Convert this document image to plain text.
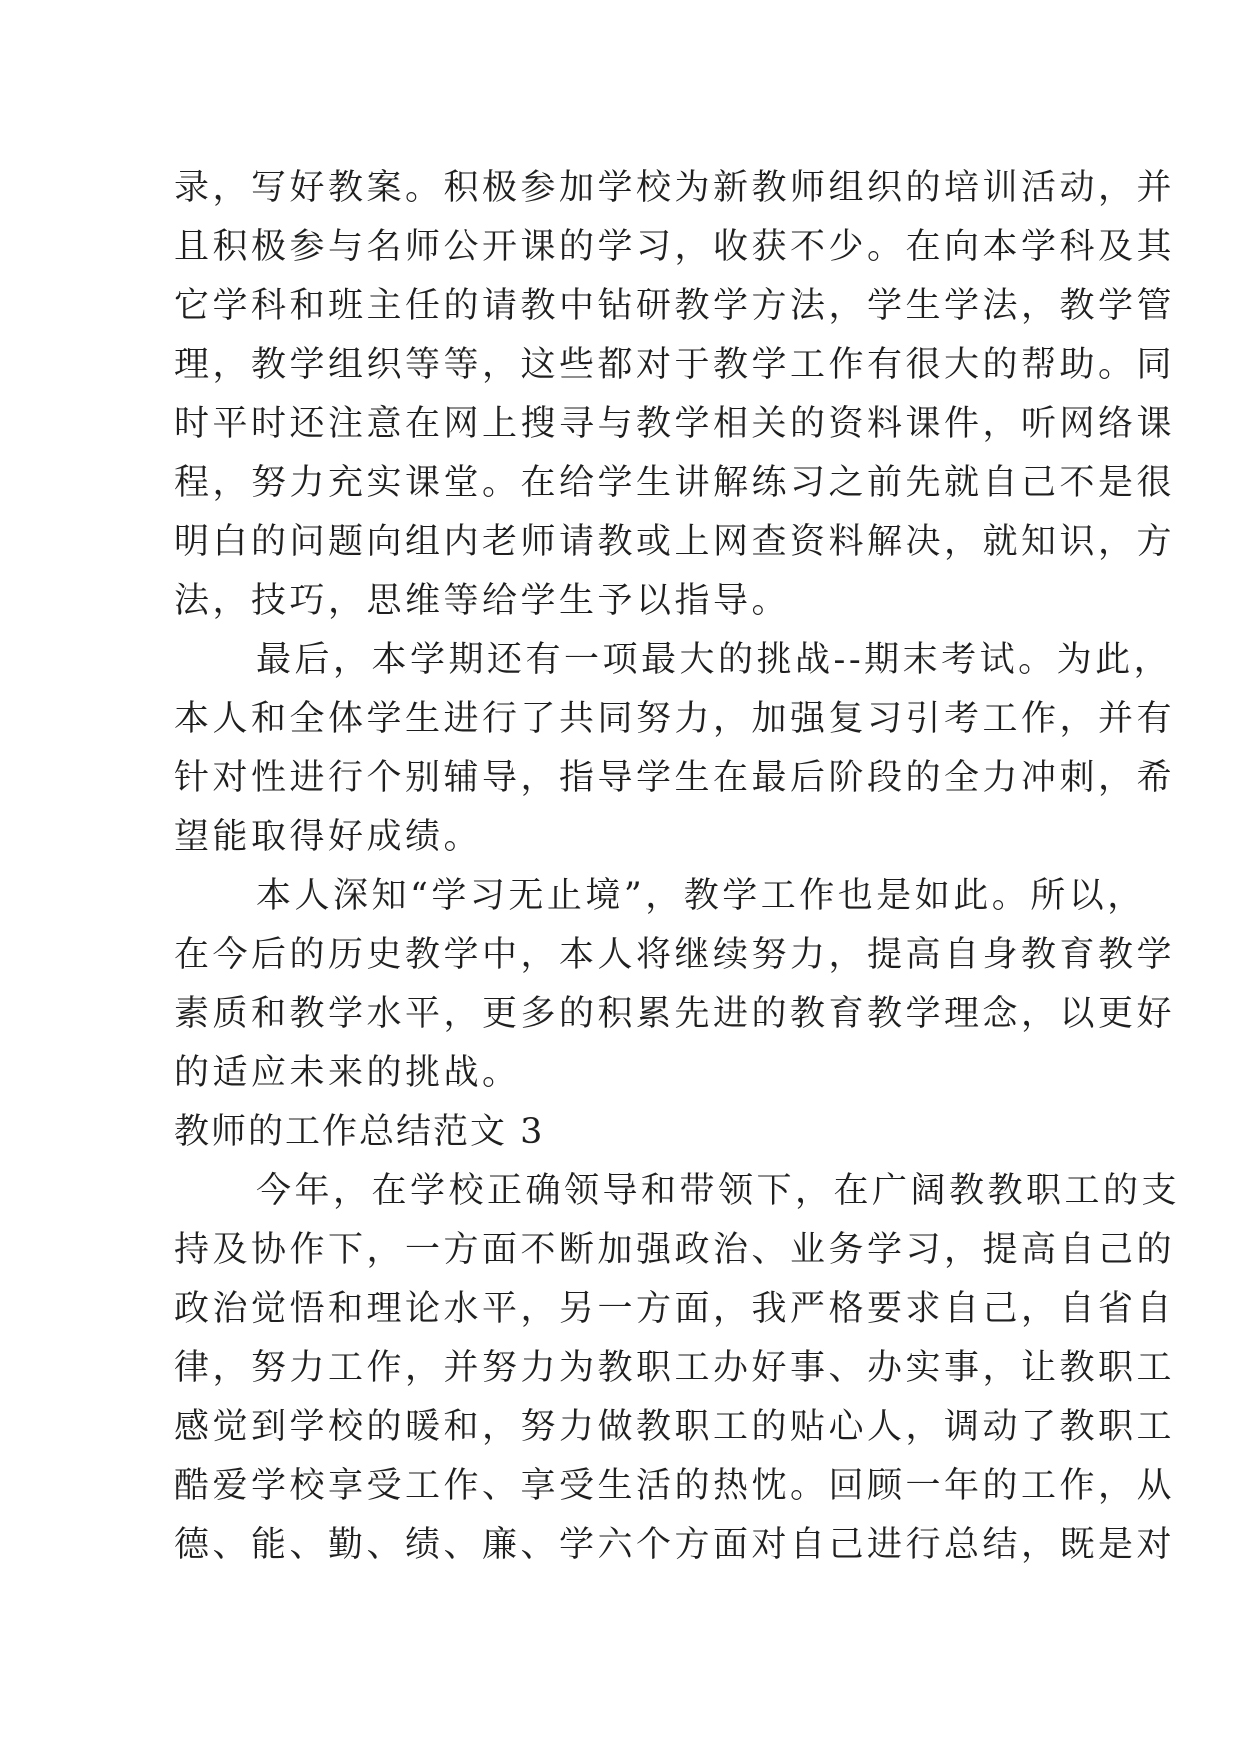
录，写好教案。积极参加学校为新教师组织的培训活动，并
且积极参与名师公开课的学习，收获不少。在向本学科及其
它学科和班主任的请教中钻研教学方法，学生学法，教学管
理，教学组织等等，这些都对于教学工作有很大的帮助。同
时平时还注意在网上搜寻与教学相关的资料课件，听网络课
程，努力充实课堂。在给学生讲解练习之前先就自己不是很
明白的问题向组内老师请教或上网查资料解决，就知识，方
法，技巧，思维等给学生予以指导。
最后，本学期还有一项最大的挑战--期末考试。为此，
本人和全体学生进行了共同努力，加强复习引考工作，并有
针对性进行个别辅导，指导学生在最后阶段的全力冲刺，希
望能取得好成绩。
本人深知“学习无止境”，教学工作也是如此。所以，
在今后的历史教学中，本人将继续努力，提高自身教育教学
素质和教学水平，更多的积累先进的教育教学理念，以更好
的适应未来的挑战。
教师的工作总结范文 3
今年，在学校正确领导和带领下，在广阔教教职工的支
持及协作下，一方面不断加强政治、业务学习，提高自己的
政治觉悟和理论水平，另一方面，我严格要求自己，自省自
律，努力工作，并努力为教职工办好事、办实事，让教职工
感觉到学校的暖和，努力做教职工的贴心人，调动了教职工
酷爱学校享受工作、享受生活的热忱。回顾一年的工作，从
德、能、勤、绩、廉、学六个方面对自己进行总结，既是对
